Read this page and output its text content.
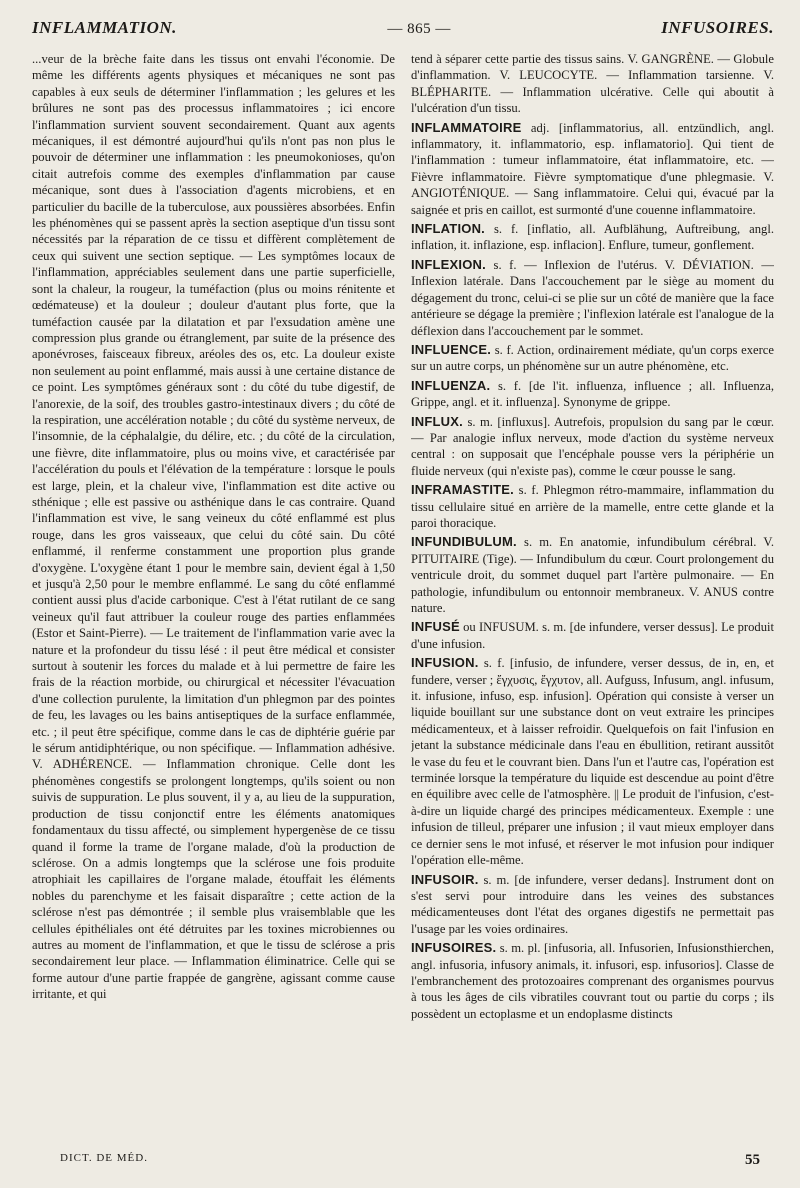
INFLAMMATION.	— 865 —	INFUSOIRES.

...veur de la brèche faite dans les tissus ont envahi l'économie. De même les différents agents physiques et mécaniques ne sont pas capables à eux seuls de déterminer l'inflammation ; les gelures et les brûlures ne sont pas des processus inflammatoires ; ici encore l'inflammation survient souvent secondairement. Quant aux agents mécaniques, il est démontré aujourd'hui qu'ils n'ont pas non plus le pouvoir de déterminer une inflammation : les pneumokonioses, qu'on citait autrefois comme des exemples d'inflammation par cause mécanique, sont dues à l'association d'agents microbiens, et en particulier du bacille de la tuberculose, aux poussières absorbées. Enfin les phénomènes qui se passent après la section aseptique d'un tissu sont nécessités par la réparation de ce tissu et diffèrent complètement de ceux qui suivent une section septique. — Les symptômes locaux de l'inflammation, appréciables seulement dans une partie superficielle, sont la chaleur, la rougeur, la tuméfaction (plus ou moins rénitente et œdémateuse) et la douleur ; douleur d'autant plus forte, que la tuméfaction causée par la dilatation et par l'exsudation amène une compression plus grande ou étranglement, par suite de la présence des aponévroses, faisceaux fibreux, aréoles des os, etc. La douleur existe non seulement au point enflammé, mais aussi à une certaine distance de ce point. Les symptômes généraux sont : du côté du tube digestif, de l'anorexie, de la soif, des troubles gastro-intestinaux divers ; du côté de la respiration, une accélération notable ; du côté du système nerveux, de l'insomnie, de la céphalalgie, du délire, etc. ; du côté de la circulation, une fièvre, dite inflammatoire, plus ou moins vive, et caractérisée par l'accélération du pouls et l'élévation de la température : lorsque le pouls est large, plein, et la chaleur vive, l'inflammation est dite active ou sthénique ; elle est passive ou asthénique dans le cas contraire. Quand l'inflammation est vive, le sang veineux du côté enflammé est plus rouge, dans les gros vaisseaux, que celui du côté sain. Du côté enflammé, il renferme constamment une proportion plus grande d'oxygène. L'oxygène étant 1 pour le membre sain, devient égal à 1,50 et jusqu'à 2,50 pour le membre enflammé. Le sang du côté enflammé contient aussi plus d'acide carbonique. C'est à l'état rutilant de ce sang veineux qu'il faut attribuer la couleur rouge des parties enflammées (Estor et Saint-Pierre). — Le traitement de l'inflammation varie avec la nature et la profondeur du tissu lésé : il peut être médical et consister surtout à soutenir les forces du malade et à lui permettre de faire les frais de la réaction morbide, ou chirurgical et nécessiter l'évacuation d'une collection purulente, la limitation d'un phlegmon par des pointes de feu, les lavages ou les bains antiseptiques de la surface enflammée, etc. ; il peut être spécifique, comme dans le cas de diphtérie guérie par le sérum antidiphtérique, ou non spécifique. — Inflammation adhésive. V. ADHÉRENCE. — Inflammation chronique. Celle dont les phénomènes congestifs se prolongent longtemps, qu'ils soient ou non suivis de suppuration. Le plus souvent, il y a, au lieu de la suppuration, production de tissu conjonctif entre les éléments anatomiques fondamentaux du tissu affecté, ou simplement hypergenèse de ce tissu quand il forme la trame de l'organe malade, d'où la production de sclérose. On a admis longtemps que la sclérose une fois produite atrophiait les capillaires de l'organe malade, étouffait les éléments nobles du parenchyme et les faisait disparaître ; cette action de la sclérose n'est pas démontrée ; il semble plus vraisemblable que les cellules épithéliales ont été détruites par les toxines microbiennes ou autres au moment de l'inflammation, et que le tissu de sclérose a pris secondairement leur place. — Inflammation éliminatrice. Celle qui se forme autour d'une partie frappée de gangrène, agissant comme cause irritante, et qui

tend à séparer cette partie des tissus sains. V. GANGRÈNE. — Globule d'inflammation. V. LEUCOCYTE. — Inflammation tarsienne. V. BLÉPHARITE. — Inflammation ulcérative. Celle qui aboutit à l'ulcération d'un tissu.

INFLAMMATOIRE adj. [inflammatorius, all. entzündlich, angl. inflammatory, it. inflammatorio, esp. inflamatorio]. Qui tient de l'inflammation : tumeur inflammatoire, état inflammatoire, etc. — Fièvre inflammatoire. Fièvre symptomatique d'une phlegmasie. V. ANGIOTÉNIQUE. — Sang inflammatoire. Celui qui, évacué par la saignée et pris en caillot, est surmonté d'une couenne inflammatoire.

INFLATION. s. f. [inflatio, all. Aufblähung, Auftreibung, angl. inflation, it. inflazione, esp. inflacion]. Enflure, tumeur, gonflement.

INFLEXION. s. f. — Inflexion de l'utérus. V. DÉVIATION. — Inflexion latérale. Dans l'accouchement par le siège au moment du dégagement du tronc, celui-ci se plie sur un côté de manière que la face antérieure se dégage la première ; l'inflexion latérale est l'analogue de la déflexion dans l'accouchement par le sommet.

INFLUENCE. s. f. Action, ordinairement médiate, qu'un corps exerce sur un autre corps, un phénomène sur un autre phénomène, etc.

INFLUENZA. s. f. [de l'it. influenza, influence ; all. Influenza, Grippe, angl. et it. influenza]. Synonyme de grippe.

INFLUX. s. m. [influxus]. Autrefois, propulsion du sang par le cœur. — Par analogie influx nerveux, mode d'action du système nerveux central : on supposait que l'encéphale pousse vers la périphérie un fluide nerveux (qui n'existe pas), comme le cœur pousse le sang.

INFRAMASTITE. s. f. Phlegmon rétro-mammaire, inflammation du tissu cellulaire situé en arrière de la mamelle, entre cette glande et la paroi thoracique.

INFUNDIBULUM. s. m. En anatomie, infundibulum cérébral. V. PITUITAIRE (Tige). — Infundibulum du cœur. Court prolongement du ventricule droit, du sommet duquel part l'artère pulmonaire. — En pathologie, infundibulum ou entonnoir membraneux. V. ANUS contre nature.

INFUSÉ ou INFUSUM. s. m. [de infundere, verser dessus]. Le produit d'une infusion.

INFUSION. s. f. [infusio, de infundere, verser dessus, de in, en, et fundere, verser ; ἔγχυσις, ἔγχυτον, all. Aufguss, Infusum, angl. infusum, it. infusione, infuso, esp. infusion]. Opération qui consiste à verser un liquide bouillant sur une substance dont on veut extraire les principes médicamenteux, et à laisser refroidir. Quelquefois on fait l'infusion en jetant la substance médicinale dans l'eau en ébullition, retirant aussitôt le vase du feu et le couvrant bien. Dans l'un et l'autre cas, l'opération est terminée lorsque la température du liquide est descendue au point d'être en équilibre avec celle de l'atmosphère. || Le produit de l'infusion, c'est-à-dire un liquide chargé des principes médicamenteux. Exemple : une infusion de tilleul, préparer une infusion ; il vaut mieux employer dans ce dernier sens le mot infusé, et réserver le mot infusion pour indiquer l'opération elle-même.

INFUSOIR. s. m. [de infundere, verser dedans]. Instrument dont on s'est servi pour introduire dans les veines des substances médicamenteuses dont l'état des organes digestifs ne permettait pas l'usage par les voies ordinaires.

INFUSOIRES. s. m. pl. [infusoria, all. Infusorien, Infusionsthierchen, angl. infusoria, infusory animals, it. infusori, esp. infusorios]. Classe de l'embranchement des protozoaires comprenant des organismes pourvus à tous les âges de cils vibratiles couvrant tout ou partie du corps ; ils possèdent un ectoplasme et un endoplasme distincts

DICT. DE MÉD.	55
